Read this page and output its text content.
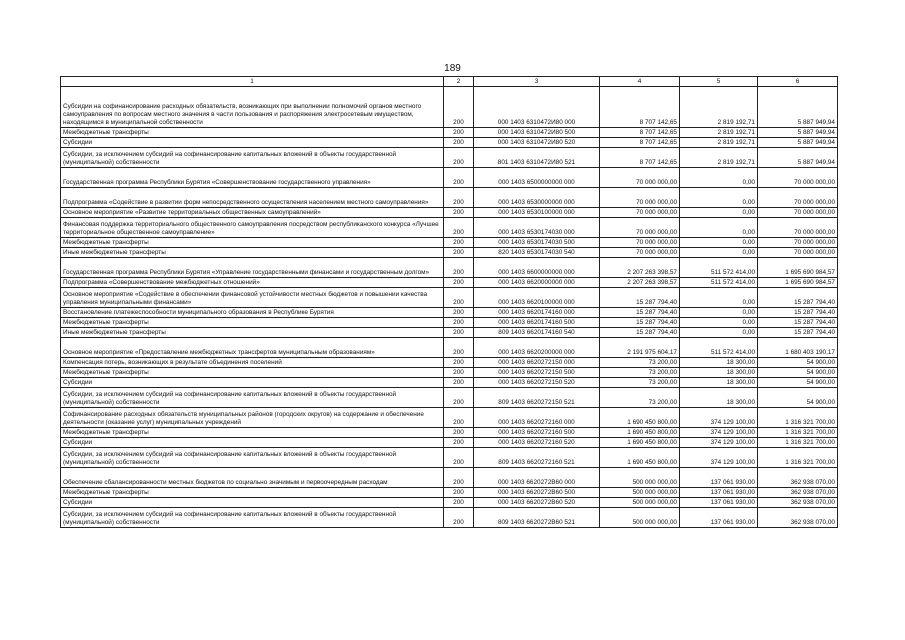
189
1	2	3	4	5	6
Субсидии на софинансирование расходных обязательств, возникающих при выполнении полномочий органов местного самоуправления по вопросам местного значения в части пользования и распоряжения электросетевым имуществом, находящимся в муниципальной собственности	200	000 1403 6310472И80 000	8 707 142,65	2 819 192,71	5 887 949,94
Межбюджетные трансферты	200	000 1403 6310472И80 500	8 707 142,65	2 819 192,71	5 887 949,94
Субсидии	200	000 1403 6310472И80 520	8 707 142,65	2 819 192,71	5 887 949,94
Субсидии, за исключением субсидий на софинансирование капитальных вложений в объекты государственной (муниципальной) собственности	200	801 1403 6310472И80 521	8 707 142,65	2 819 192,71	5 887 949,94
Государственная программа Республики Бурятия «Совершенствование государственного управления»	200	000 1403 6500000000 000	70 000 000,00	0,00	70 000 000,00
Подпрограмма «Содействие в развитии форм непосредственного осуществления населением местного самоуправления»	200	000 1403 6530000000 000	70 000 000,00	0,00	70 000 000,00
Основное мероприятие «Развитие территориальных общественных самоуправлений»	200	000 1403 6530100000 000	70 000 000,00	0,00	70 000 000,00
Финансовая поддержка территориального общественного самоуправления посредством республиканского конкурса «Лучшее территориальное общественное самоуправление»	200	000 1403 6530174030 000	70 000 000,00	0,00	70 000 000,00
Межбюджетные трансферты	200	000 1403 6530174030 500	70 000 000,00	0,00	70 000 000,00
Иные межбюджетные трансферты	200	820 1403 6530174030 540	70 000 000,00	0,00	70 000 000,00
Государственная программа Республики Бурятия «Управление государственными финансами и государственным долгом»	200	000 1403 6600000000 000	2 207 263 398,57	511 572 414,00	1 695 690 984,57
Подпрограмма «Совершенствование межбюджетных отношений»	200	000 1403 6620000000 000	2 207 263 398,57	511 572 414,00	1 695 690 984,57
Основное мероприятие «Содействие в обеспечении финансовой устойчивости местных бюджетов и повышении качества управления муниципальными финансами»	200	000 1403 6620100000 000	15 287 794,40	0,00	15 287 794,40
Восстановление платежеспособности муниципального образования в Республике Бурятия	200	000 1403 6620174160 000	15 287 794,40	0,00	15 287 794,40
Межбюджетные трансферты	200	000 1403 6620174160 500	15 287 794,40	0,00	15 287 794,40
Иные межбюджетные трансферты	200	809 1403 6620174160 540	15 287 794,40	0,00	15 287 794,40
Основное мероприятие «Предоставление межбюджетных трансфертов муниципальным образованиям»	200	000 1403 6620200000 000	2 191 975 604,17	511 572 414,00	1 680 403 190,17
Компенсация потерь, возникающих в результате объединения поселений	200	000 1403 6620272150 000	73 200,00	18 300,00	54 900,00
Межбюджетные трансферты	200	000 1403 6620272150 500	73 200,00	18 300,00	54 900,00
Субсидии	200	000 1403 6620272150 520	73 200,00	18 300,00	54 900,00
Субсидии, за исключением субсидий на софинансирование капитальных вложений в объекты государственной (муниципальной) собственности	200	809 1403 6620272150 521	73 200,00	18 300,00	54 900,00
Софинансирование расходных обязательств муниципальных районов (городских округов) на содержание и обеспечение деятельности (оказание услуг) муниципальных учреждений	200	000 1403 6620272160 000	1 690 450 800,00	374 129 100,00	1 316 321 700,00
Межбюджетные трансферты	200	000 1403 6620272160 500	1 690 450 800,00	374 129 100,00	1 316 321 700,00
Субсидии	200	000 1403 6620272160 520	1 690 450 800,00	374 129 100,00	1 316 321 700,00
Субсидии, за исключением субсидий на софинансирование капитальных вложений в объекты государственной (муниципальной) собственности	200	809 1403 6620272160 521	1 690 450 800,00	374 129 100,00	1 316 321 700,00
Обеспечение сбалансированности местных бюджетов по социально значимым и первоочередным расходам	200	000 1403 6620272В60 000	500 000 000,00	137 061 930,00	362 938 070,00
Межбюджетные трансферты	200	000 1403 6620272В60 500	500 000 000,00	137 061 930,00	362 938 070,00
Субсидии	200	000 1403 6620272В60 520	500 000 000,00	137 061 930,00	362 938 070,00
Субсидии, за исключением субсидий на софинансирование капитальных вложений в объекты государственной (муниципальной) собственности	200	809 1403 6620272В60 521	500 000 000,00	137 061 930,00	362 938 070,00
